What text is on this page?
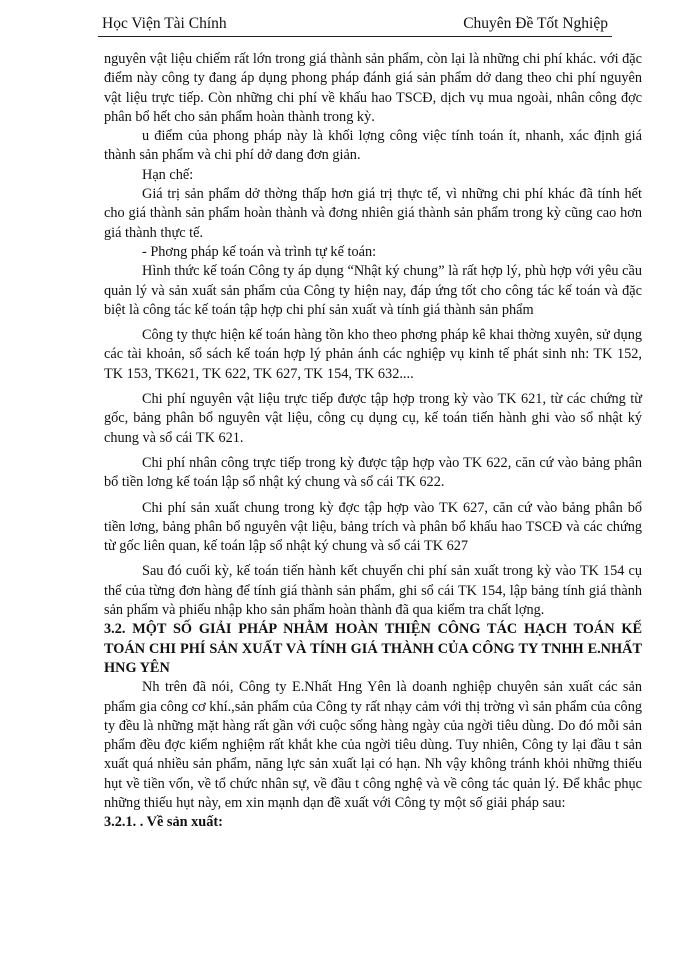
Học Viện Tài Chính	Chuyên Đề Tốt Nghiệp

nguyên vật liệu chiếm rất lớn trong giá thành sản phẩm, còn lại là những chi phí khác. với đặc điểm này công ty đang áp dụng phong pháp đánh giá sản phẩm dở dang theo chi phí nguyên vật liệu trực tiếp. Còn những chi phí về khấu hao TSCĐ, dịch vụ mua ngoài, nhân công đợc phân bổ hết cho sản phẩm hoàn thành trong kỳ.

u điểm của phong pháp này là khối lợng công việc tính toán ít, nhanh, xác định giá thành sản phẩm và chi phí dở dang đơn giản.

Hạn chế:

Giá trị sản phẩm dở thờng thấp hơn giá trị thực tế, vì những chi phí khác đã tính hết cho giá thành sản phẩm hoàn thành và đơng nhiên giá thành sản phẩm trong kỳ cũng cao hơn giá thành thực tế.

- Phơng pháp kế toán và trình tự kế toán:

Hình thức kế toán Công ty áp dụng “Nhật ký chung” là rất hợp lý, phù hợp với yêu cầu quản lý và sản xuất sản phẩm của Công ty hiện nay, đáp ứng tốt cho công tác kế toán và đặc biệt là công tác kế toán tập hợp chi phí sản xuất và tính giá thành sản phẩm

Công ty thực hiện kế toán hàng tồn kho theo phơng pháp kê khai thờng xuyên, sử dụng các tài khoản, sổ sách kế toán hợp lý phản ánh các nghiệp vụ kinh tế phát sinh nh: TK 152, TK 153, TK621, TK 622, TK 627, TK 154, TK 632....

Chi phí nguyên vật liệu trực tiếp được tập hợp trong kỳ vào TK 621, từ các chứng từ gốc, bảng phân bổ nguyên vật liệu, công cụ dụng cụ, kế toán tiến hành ghi vào sổ nhật ký chung và sổ cái TK 621.

Chi phí nhân công trực tiếp trong kỳ được tập hợp vào TK 622, căn cứ vào bảng phân bổ tiền lơng kế toán lập sổ nhật ký chung và sổ cái TK 622.

Chi phí sản xuất chung trong kỳ đợc tập hợp vào TK 627, căn cứ vào bảng phân bổ tiền lơng, bảng phân bổ nguyên vật liệu, bảng trích và phân bổ khấu hao TSCĐ và các chứng từ gốc liên quan, kế toán lập sổ nhật ký chung và sổ cái TK 627

Sau đó cuối kỳ, kế toán tiến hành kết chuyển chi phí sản xuất trong kỳ vào TK 154 cụ thể của từng đơn hàng để tính giá thành sản phẩm, ghi sổ cái TK 154, lập bảng tính giá thành sản phẩm và phiếu nhập kho sản phẩm hoàn thành đã qua kiểm tra chất lợng.

3.2. MỘT SỐ GIẢI PHÁP NHẰM HOÀN THIỆN CÔNG TÁC HẠCH TOÁN KẾ TOÁN CHI PHÍ SẢN XUẤT VÀ TÍNH GIÁ THÀNH CỦA CÔNG TY TNHH E.NHẤT HNG YÊN

Nh trên đã nói, Công ty E.Nhất Hng Yên là doanh nghiệp chuyên sản xuất các sản phẩm gia công cơ khí.,sản phẩm của Công ty rất nhạy cảm với thị trờng vì sản phẩm của công ty đều là những mặt hàng rất gần với cuộc sống hàng ngày của ngời tiêu dùng. Do đó mỗi sản phẩm đều đợc kiểm nghiệm rất khắt khe của ngời tiêu dùng. Tuy nhiên, Công ty lại đầu t sản xuất quá nhiều sản phẩm, năng lực sản xuất lại có hạn. Nh vậy không tránh khỏi những thiếu hụt về tiền vốn, về tổ chức nhân sự, về đầu t công nghệ và về công tác quản lý. Để khắc phục những thiếu hụt này, em xin mạnh dạn đề xuất với Công ty một số giải pháp sau:

3.2.1. . Về sản xuất:
